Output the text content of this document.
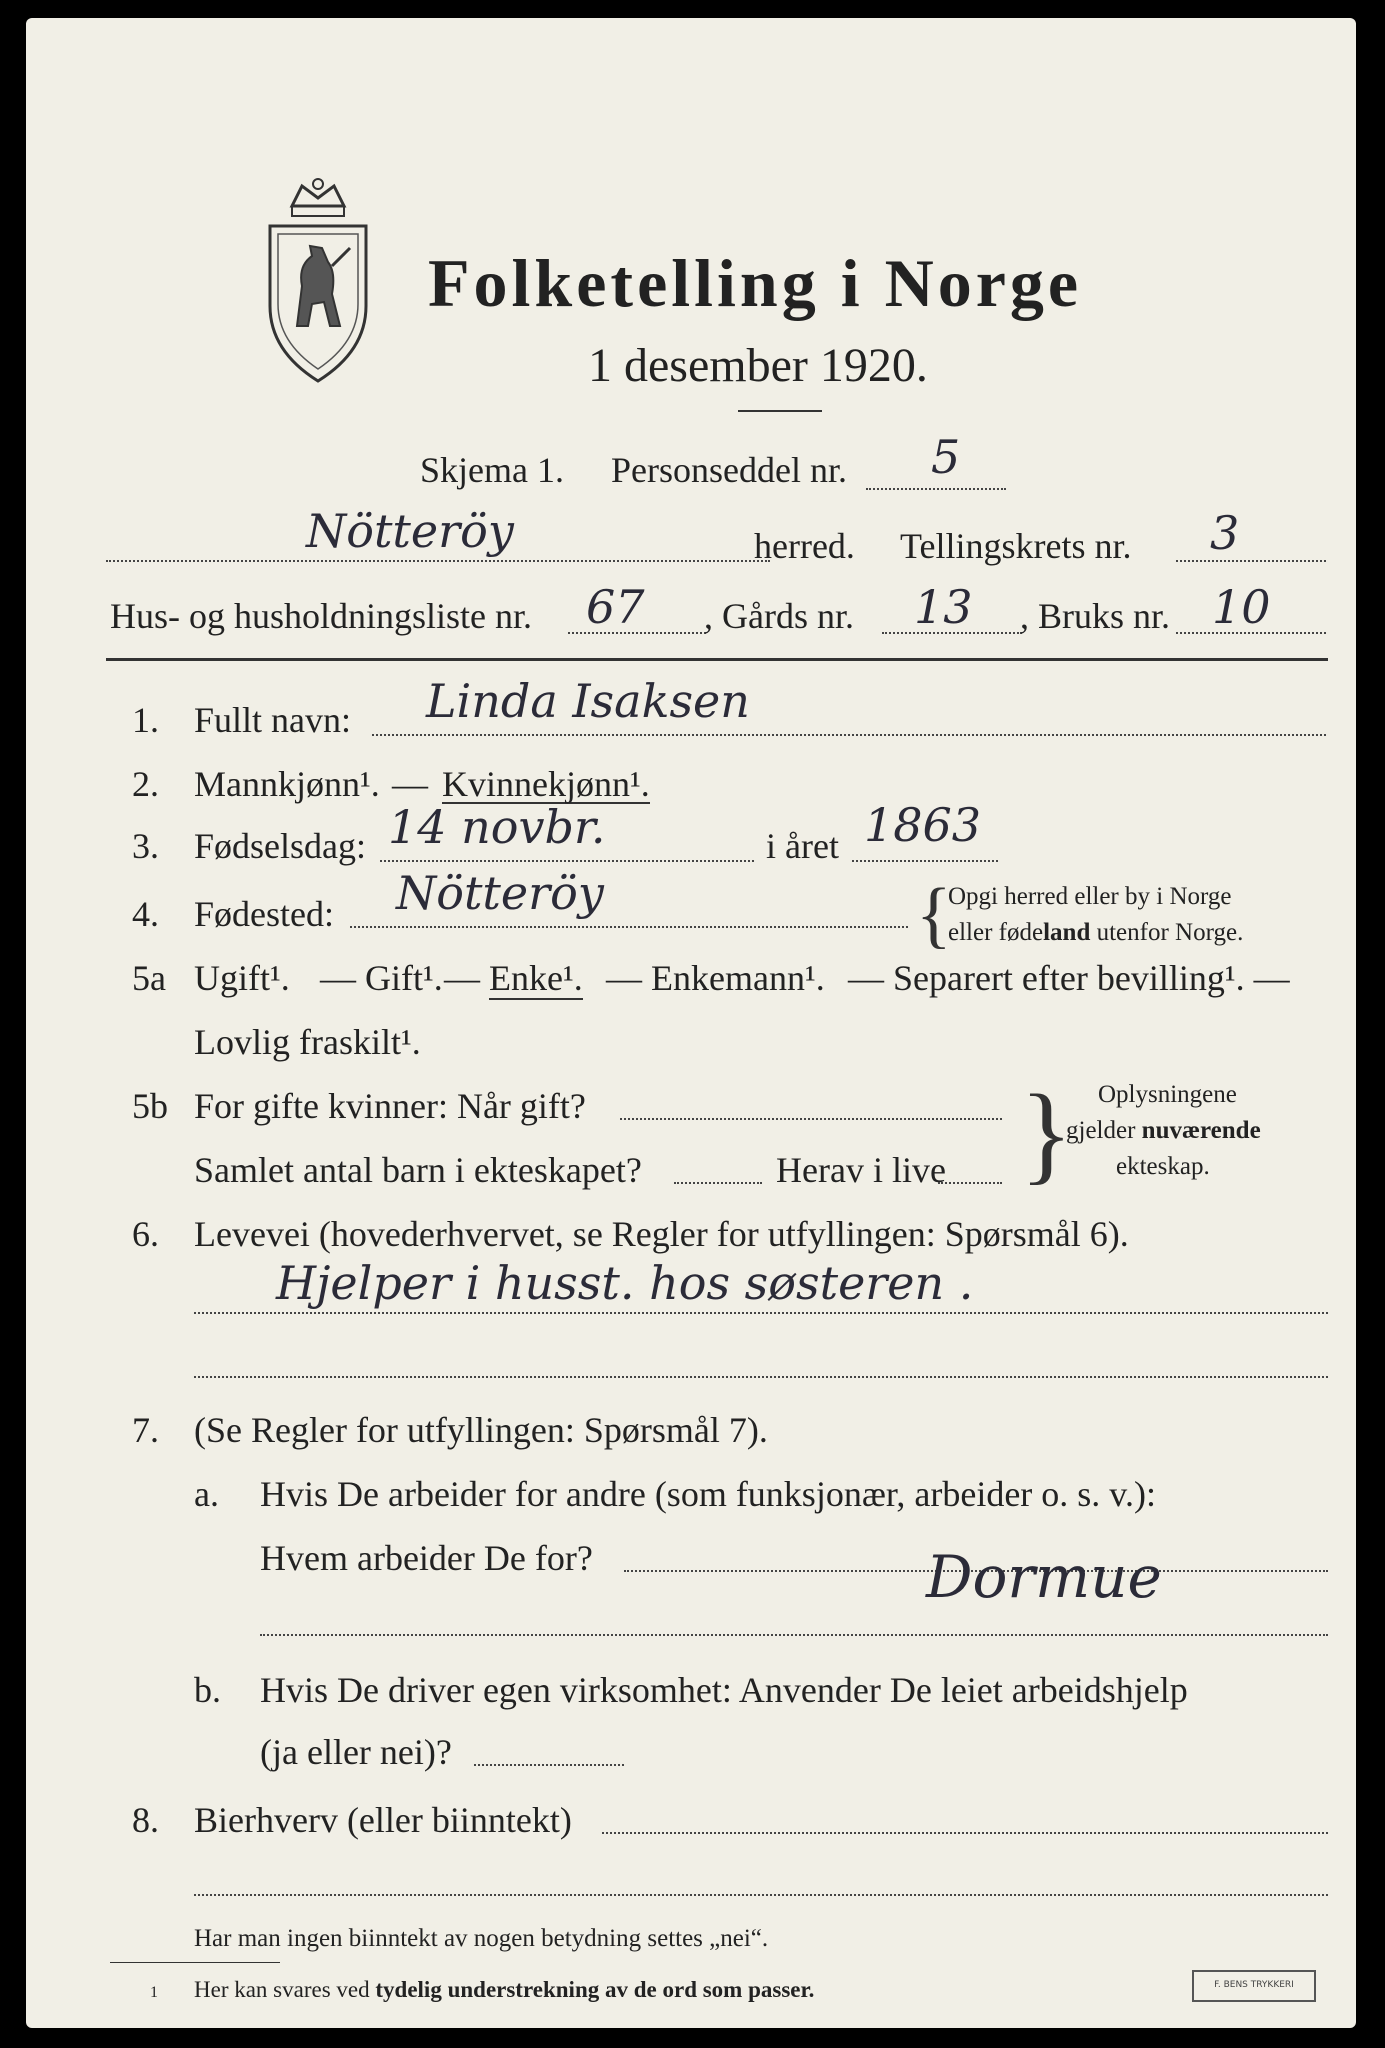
Folketelling i Norge
1 desember 1920.
Skjema 1. Personseddel nr. 5
Nötteröy	herred. Tellingskrets nr. 3
Hus- og husholdningsliste nr. 67 , Gårds nr. 13 , Bruks nr. 10
1. Fullt navn: Linda Isaksen
2. Mannkjønn¹. — Kvinnekjønn¹.
3. Fødselsdag: 14 novbr.	i året 1863
4. Fødested: Nötteröy	{
Opgi herred eller by i Norge
eller fødeland utenfor Norge.
5a Ugift¹. — Gift¹. — Enke¹. — Enkemann¹. — Separert efter bevilling¹. —
Lovlig fraskilt¹.
5b For gifte kvinner: Når gift?
Samlet antal barn i ekteskapet?	Herav i live } Oplysningene
gjelder nuværende
ekteskap.
6. Levevei (hovederhvervet, se Regler for utfyllingen: Spørsmål 6).
Hjelper i husst. hos søsteren .
7. (Se Regler for utfyllingen: Spørsmål 7).
a. Hvis De arbeider for andre (som funksjonær, arbeider o. s. v.):
Hvem arbeider De for?	Dormue
b. Hvis De driver egen virksomhet: Anvender De leiet arbeidshjelp
(ja eller nei)?
8. Bierhverv (eller biinntekt)
Har man ingen biinntekt av nogen betydning settes „nei“.
1 Her kan svares ved tydelig understrekning av de ord som passer.	F. BENS TRYKKERI
